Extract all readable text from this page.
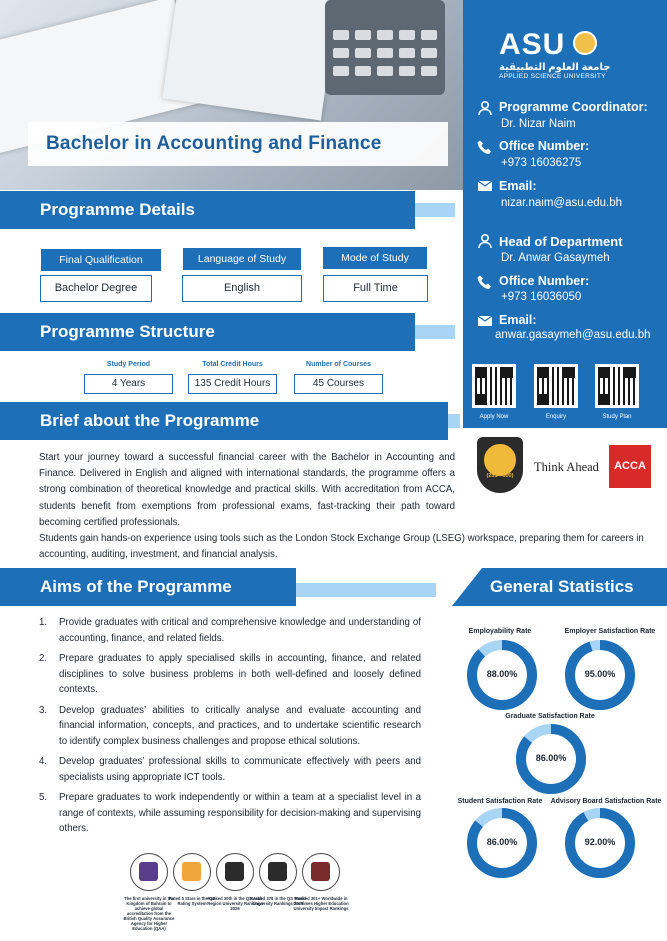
Bachelor in Accounting and Finance
ASU
جامعة العلوم التطبيقية
APPLIED SCIENCE UNIVERSITY
Programme Coordinator:
Dr. Nizar Naim
Office Number:
+973 16036275
Email:
nizar.naim@asu.edu.bh
Head of Department
Dr. Anwar Gasaymeh
Office Number:
+973 16036050
Email:
anwar.gasaymeh@asu.edu.bh
Apply Now	Enquiry	Study Plan
(251 - 300)
Think Ahead	ACCA
Programme Details
Final Qualification	Language of Study	Mode of Study
Bachelor Degree	English	Full Time
Programme Structure
Study Period	Total Credit Hours	Number of Courses
4 Years	135 Credit Hours	45 Courses
Brief about the Programme
Start your journey toward a successful financial career with the Bachelor in Accounting and Finance. Delivered in English and aligned with international standards, the programme offers a strong combination of theoretical knowledge and practical skills. With accreditation from ACCA, students benefit from exemptions from professional exams, fast-tracking their path toward becoming certified professionals.
Students gain hands-on experience using tools such as the London Stock Exchange Group (LSEG) workspace, preparing them for careers in accounting, auditing, investment, and financial analysis.
Aims of the Programme
1.	Provide graduates with critical and comprehensive knowledge and understanding of accounting, finance, and related fields.
2.	Prepare graduates to apply specialised skills in accounting, finance, and related disciplines to solve business problems in both well-defined and loosely defined contexts.
3.	Develop graduates’ abilities to critically analyse and evaluate accounting and financial information, concepts, and practices, and to undertake scientific research to identify complex business challenges and propose ethical solutions.
4.	Develop graduates’ professional skills to communicate effectively with peers and specialists using appropriate ICT tools.
5.	Prepare graduates to work independently or within a team at a specialist level in a range of contexts, while assuming responsibility for decision-making and supervising others.
General Statistics
Employability Rate	Employer Satisfaction Rate
Graduate Satisfaction Rate
Student Satisfaction Rate	Advisory Board Satisfaction Rate
88.00%	95.00%
86.00%
86.00%	92.00%
The first university in the Kingdom of Bahrain to achieve global accreditation from the British Quality Assurance Agency for Higher Education (QAA)
Rated 5 Stars in the QS Rating System
Ranked 30th in the QS Arab Region University Rankings 2026
Ranked 378 in the QS World University Rankings 2026
Ranked 301+ Worldwide in the Times Higher Education University Impact Rankings
